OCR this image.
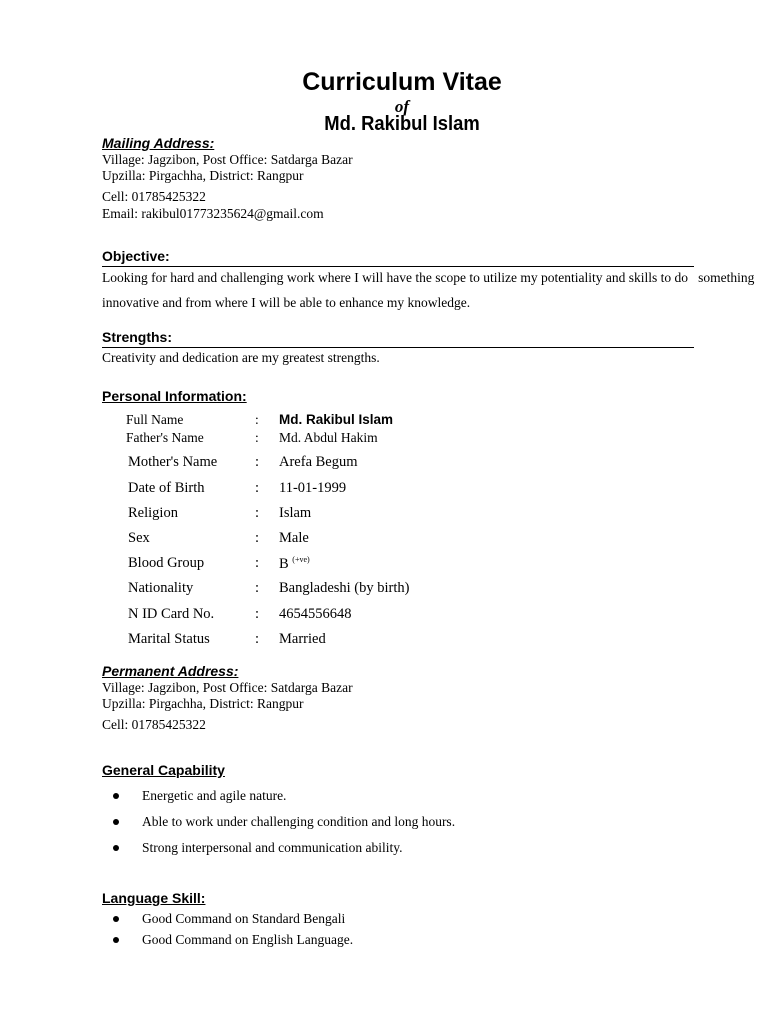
Curriculum Vitae
of
Md. Rakibul Islam
Mailing Address:
Village: Jagzibon, Post Office: Satdarga Bazar
Upzilla: Pirgachha, District: Rangpur
Cell: 01785425322
Email: rakibul01773235624@gmail.com
Objective:
Looking for hard and challenging work where I will have the scope to utilize my potentiality and skills to do   something
innovative and from where I will be able to enhance my knowledge.
Strengths:
Creativity and dedication are my greatest strengths.
Personal Information:
Full Name	: Md. Rakibul Islam
Father's Name	: Md. Abdul Hakim
Mother's Name	: Arefa Begum
Date of Birth	: 11-01-1999
Religion	: Islam
Sex	: Male
Blood Group	: B $^{(+ve)}$
Nationality	: Bangladeshi (by birth)
N ID Card No.	: 4654556648
Marital Status	: Married
Permanent Address:
Village: Jagzibon, Post Office: Satdarga Bazar
Upzilla: Pirgachha, District: Rangpur
Cell: 01785425322
General Capability
Energetic and agile nature.
Able to work under challenging condition and long hours.
Strong interpersonal and communication ability.
Language Skill:
Good Command on Standard Bengali
Good Command on English Language.
